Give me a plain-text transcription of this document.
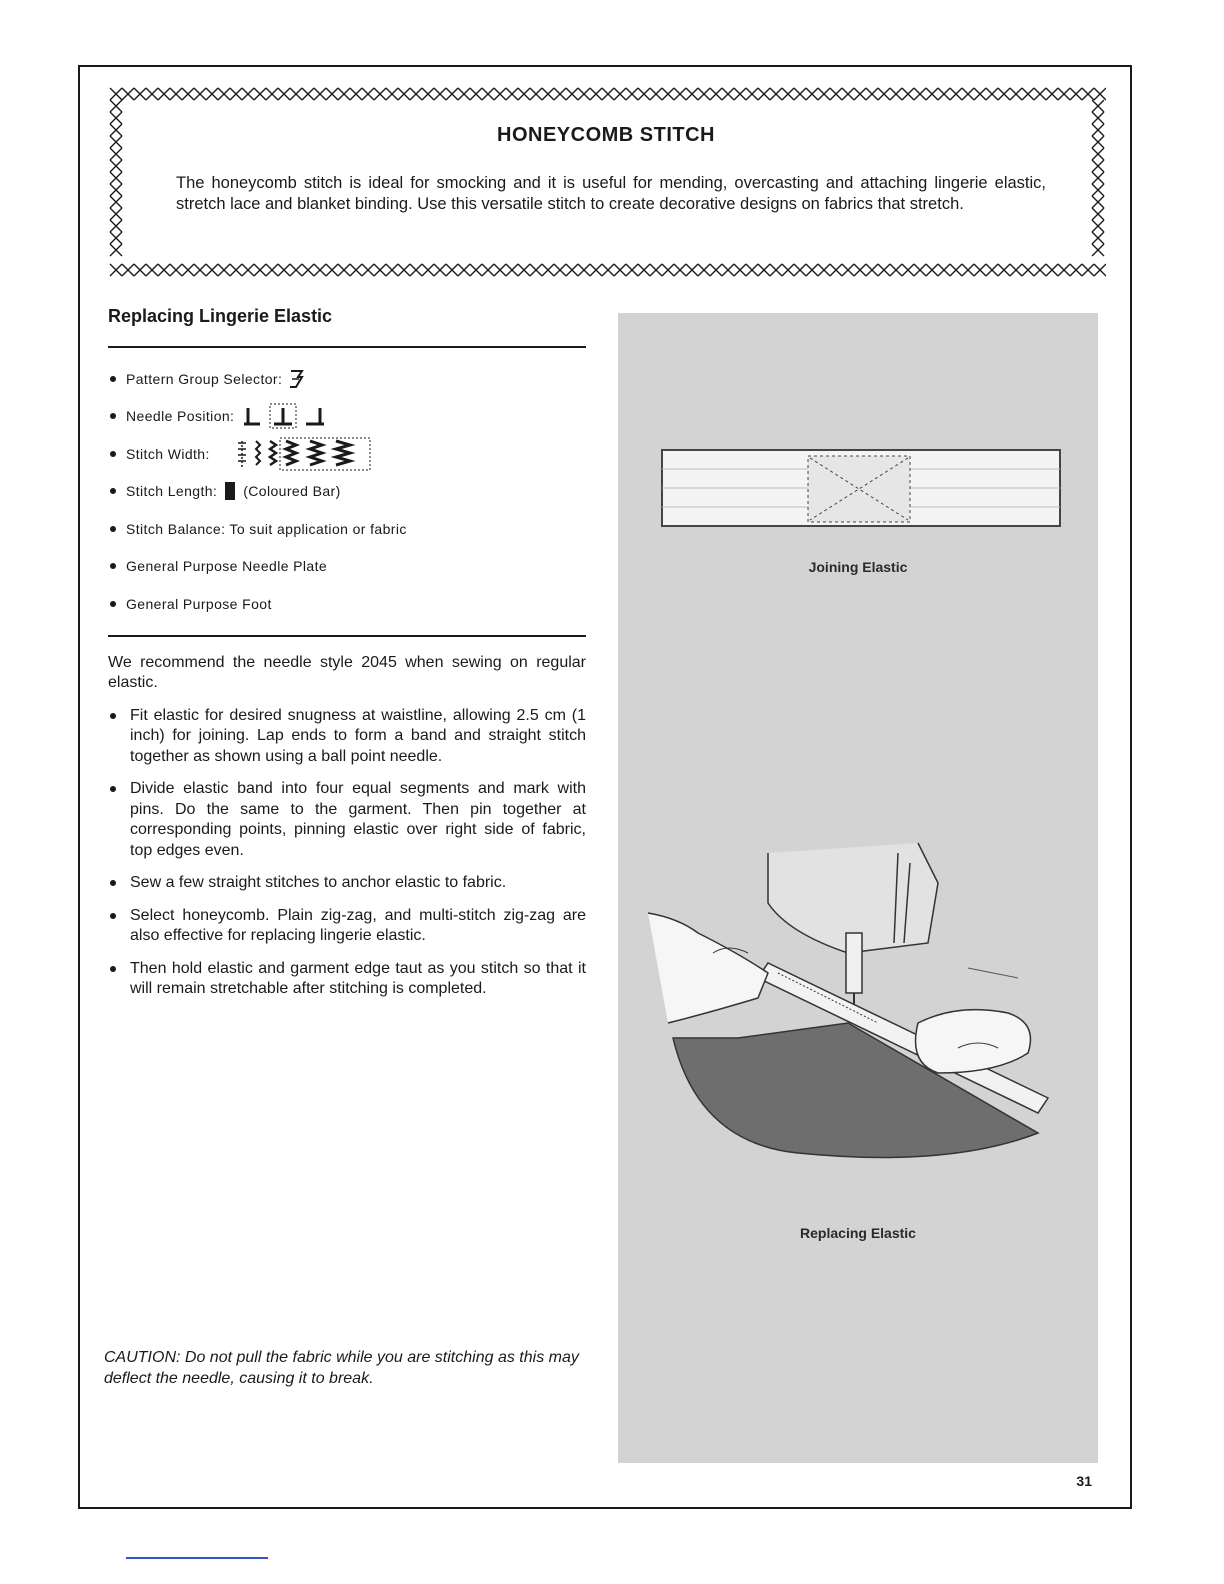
HONEYCOMB STITCH

The honeycomb stitch is ideal for smocking and it is useful for mending, overcasting and attaching lingerie elastic, stretch lace and blanket binding. Use this versatile stitch to create decorative designs on fabrics that stretch.

Replacing Lingerie Elastic
Pattern Group Selector:
Needle Position:
Stitch Width:
Stitch Length: (Coloured Bar)
Stitch Balance: To suit application or fabric
General Purpose Needle Plate
General Purpose Foot

We recommend the needle style 2045 when sewing on regular elastic.

Fit elastic for desired snugness at waistline, allowing 2.5 cm (1 inch) for joining. Lap ends to form a band and straight stitch together as shown using a ball point needle.
Divide elastic band into four equal segments and mark with pins. Do the same to the garment. Then pin together at corresponding points, pinning elastic over right side of fabric, top edges even.
Sew a few straight stitches to anchor elastic to fabric.
Select honeycomb. Plain zig-zag, and multi-stitch zig-zag are also effective for replacing lingerie elastic.
Then hold elastic and garment edge taut as you stitch so that it will remain stretchable after stitching is completed.

CAUTION: Do not pull the fabric while you are stitching as this may deflect the needle, causing it to break.

Joining Elastic
Replacing Elastic
31
